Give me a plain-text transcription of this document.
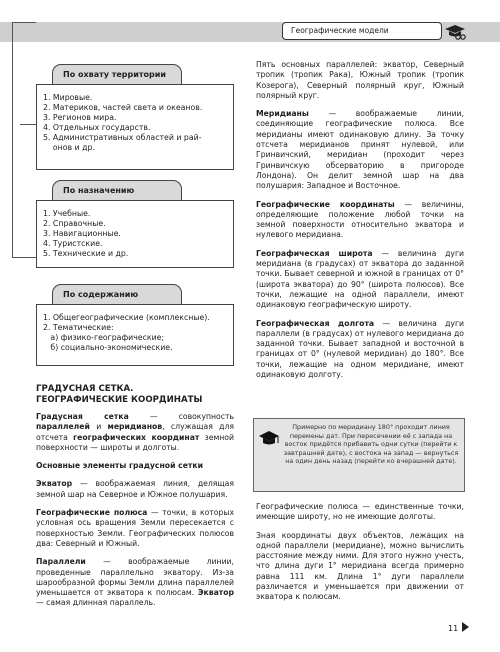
Географические модели
По охвату территории
1. Мировые.
2. Материков, частей света и океанов.
3. Регионов мира.
4. Отдельных государств.
5. Административных областей и рай-
онов и др.
По назначению
1. Учебные.
2. Справочные.
3. Навигационные.
4. Туристские.
5. Технические и др.
По содержанию
1. Общегеографические (комплексные).
2. Тематические:
а) физико-географические;
б) социально-экономические.
ГРАДУСНАЯ СЕТКА.
ГЕОГРАФИЧЕСКИЕ КООРДИНАТЫ

Градусная сетка — совокупность параллелей и меридианов, служащая для отсчета географических координат земной поверхности — широты и долготы.

Основные элементы градусной сетки

Экватор — воображаемая линия, делящая земной шар на Северное и Южное полушария.

Географические полюса — точки, в которых условная ось вращения Земли пересекается с поверхностью Земли. Географических полюсов два: Северный и Южный.

Параллели — воображаемые линии, проведенные параллельно экватору. Из-за шарообразной формы Земли длина параллелей уменьшается от экватора к полюсам. Экватор — самая длинная параллель.

Пять основных параллелей: экватор, Северный тропик (тропик Рака), Южный тропик (тропик Козерога), Северный полярный круг, Южный полярный круг.

Меридианы — воображаемые линии, соединяющие географические полюса. Все меридианы имеют одинаковую длину. За точку отсчета меридианов принят нулевой, или Гринвичский, меридиан (проходит через Гринвичскую обсерваторию в пригороде Лондона). Он делит земной шар на два полушария: Западное и Восточное.

Географические координаты — величины, определяющие положение любой точки на земной поверхности относительно экватора и нулевого меридиана.

Географическая широта — величина дуги меридиана (в градусах) от экватора до заданной точки. Бывает северной и южной в границах от 0° (широта экватора) до 90° (широта полюсов). Все точки, лежащие на одной параллели, имеют одинаковую географическую широту.

Географическая долгота — величина дуги параллели (в градусах) от нулевого меридиана до заданной точки. Бывает западной и восточной в границах от 0° (нулевой меридиан) до 180°. Все точки, лежащие на одном меридиане, имеют одинаковую долготу.

Примерно по меридиану 180° проходит линия перемены дат. При пересечении её с запада на восток придётся прибавить одни сутки (перейти к завтрашней дате), с востока на запад — вернуться на один день назад (перейти ко вчерашней дате).

Географические полюса — единственные точки, имеющие широту, но не имеющие долготы.

Зная координаты двух объектов, лежащих на одной параллели (меридиане), можно вычислить расстояние между ними. Для этого нужно учесть, что длина дуги 1° меридиана всегда примерно равна 111 км. Длина 1° дуги параллели различается и уменьшается при движении от экватора к полюсам.

11
